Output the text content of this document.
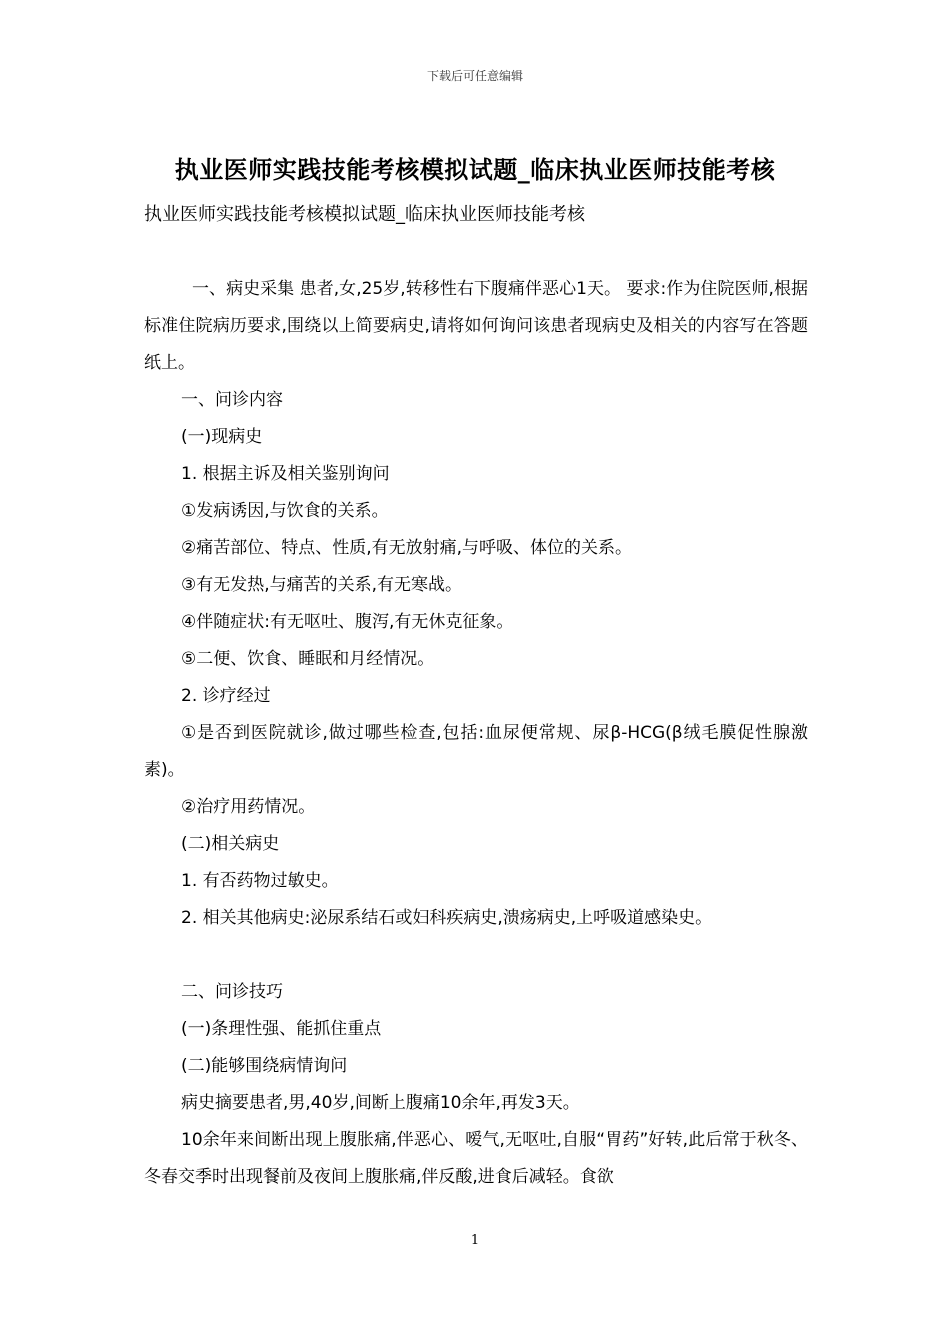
下载后可任意编辑
执业医师实践技能考核模拟试题_临床执业医师技能考核
执业医师实践技能考核模拟试题_临床执业医师技能考核

一、病史采集 患者,女,25岁,转移性右下腹痛伴恶心1天。 要求:作为住院医师,根据标准住院病历要求,围绕以上简要病史,请将如何询问该患者现病史及相关的内容写在答题纸上。

一、问诊内容

(一)现病史

1. 根据主诉及相关鉴别询问

①发病诱因,与饮食的关系。

②痛苦部位、特点、性质,有无放射痛,与呼吸、体位的关系。

③有无发热,与痛苦的关系,有无寒战。

④伴随症状:有无呕吐、腹泻,有无休克征象。

⑤二便、饮食、睡眠和月经情况。

2. 诊疗经过

①是否到医院就诊,做过哪些检查,包括:血尿便常规、尿β-HCG(β绒毛膜促性腺激素)。

②治疗用药情况。

(二)相关病史

1. 有否药物过敏史。

2. 相关其他病史:泌尿系结石或妇科疾病史,溃疡病史,上呼吸道感染史。

二、问诊技巧

(一)条理性强、能抓住重点

(二)能够围绕病情询问

病史摘要患者,男,40岁,间断上腹痛10余年,再发3天。

10余年来间断出现上腹胀痛,伴恶心、嗳气,无呕吐,自服“胃药”好转,此后常于秋冬、冬春交季时出现餐前及夜间上腹胀痛,伴反酸,进食后减轻。食欲

1
